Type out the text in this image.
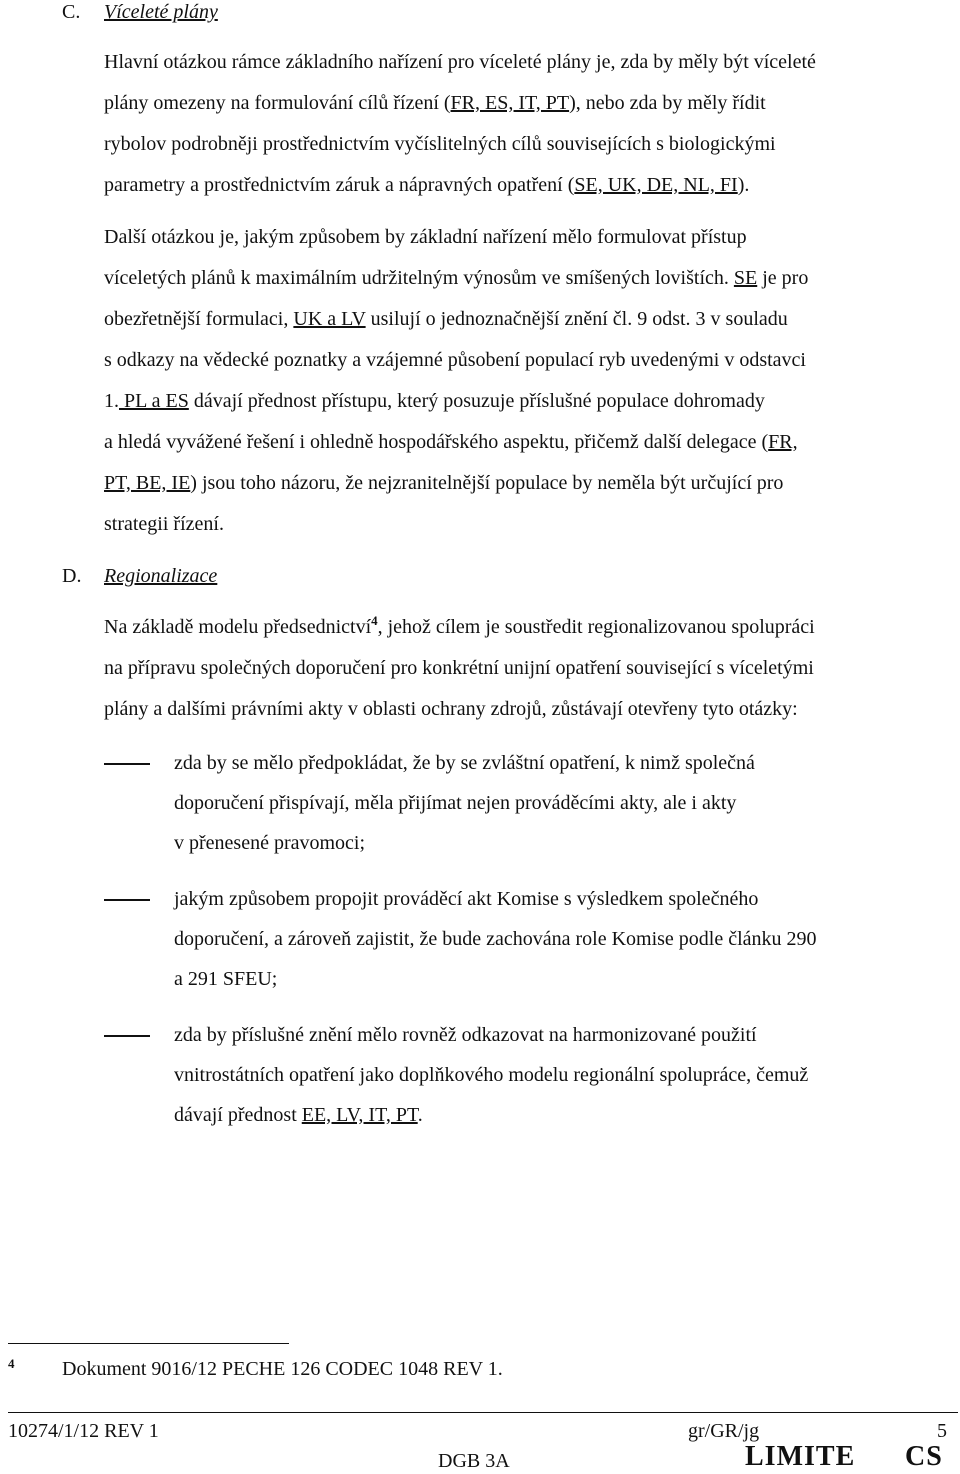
C. Víceleté plány
Hlavní otázkou rámce základního nařízení pro víceleté plány je, zda by měly být víceleté
plány omezeny na formulování cílů řízení (FR, ES, IT, PT), nebo zda by měly řídit
rybolov podrobněji prostřednictvím vyčíslitelných cílů souvisejících s biologickými
parametry a prostřednictvím záruk a nápravných opatření (SE, UK, DE, NL, FI).
Další otázkou je, jakým způsobem by základní nařízení mělo formulovat přístup
víceletých plánů k maximálním udržitelným výnosům ve smíšených lovištích. SE je pro
obezřetnější formulaci, UK a LV usilují o jednoznačnější znění čl. 9 odst. 3 v souladu
s odkazy na vědecké poznatky a vzájemné působení populací ryb uvedenými v odstavci
1. PL a ES dávají přednost přístupu, který posuzuje příslušné populace dohromady
a hledá vyvážené řešení i ohledně hospodářského aspektu, přičemž další delegace (FR,
PT, BE, IE) jsou toho názoru, že nejzranitelnější populace by neměla být určující pro
strategii řízení.
D. Regionalizace
Na základě modelu předsednictví$^4$, jehož cílem je soustředit regionalizovanou spolupráci
na přípravu společných doporučení pro konkrétní unijní opatření související s víceletými
plány a dalšími právními akty v oblasti ochrany zdrojů, zůstávají otevřeny tyto otázky:
zda by se mělo předpokládat, že by se zvláštní opatření, k nimž společná
doporučení přispívají, měla přijímat nejen prováděcími akty, ale i akty
v přenesené pravomoci;
jakým způsobem propojit prováděcí akt Komise s výsledkem společného
doporučení, a zároveň zajistit, že bude zachována role Komise podle článku 290
a 291 SFEU;
zda by příslušné znění mělo rovněž odkazovat na harmonizované použití
vnitrostátních opatření jako doplňkového modelu regionální spolupráce, čemuž
dávají přednost EE, LV, IT, PT.
4 Dokument 9016/12 PECHE 126 CODEC 1048 REV 1.
10274/1/12 REV 1	gr/GR/jg	5
DGB 3A	LIMITE CS
